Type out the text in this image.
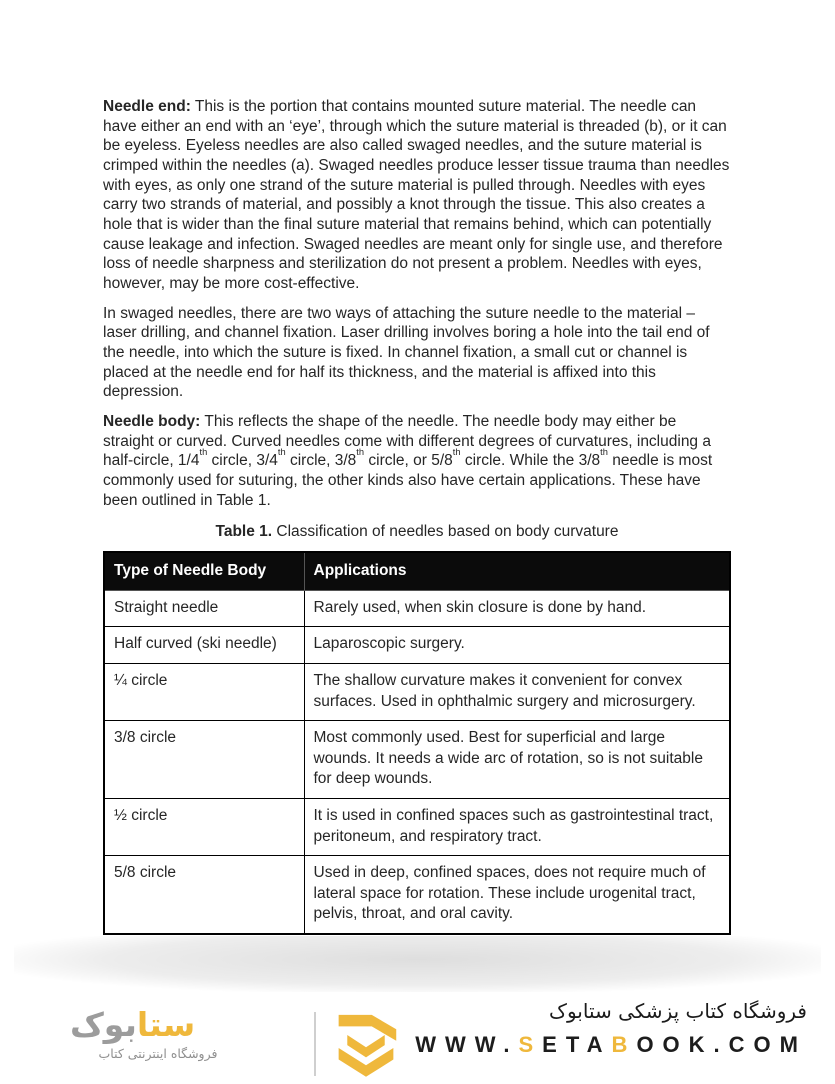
Needle end: This is the portion that contains mounted suture material. The needle can have either an end with an ‘eye’, through which the suture material is threaded (b), or it can be eyeless. Eyeless needles are also called swaged needles, and the suture material is crimped within the needles (a). Swaged needles produce lesser tissue trauma than needles with eyes, as only one strand of the suture material is pulled through. Needles with eyes carry two strands of material, and possibly a knot through the tissue. This also creates a hole that is wider than the final suture material that remains behind, which can potentially cause leakage and infection. Swaged needles are meant only for single use, and therefore loss of needle sharpness and sterilization do not present a problem. Needles with eyes, however, may be more cost-effective.

In swaged needles, there are two ways of attaching the suture needle to the material – laser drilling, and channel fixation. Laser drilling involves boring a hole into the tail end of the needle, into which the suture is fixed. In channel fixation, a small cut or channel is placed at the needle end for half its thickness, and the material is affixed into this depression.

Needle body: This reflects the shape of the needle. The needle body may either be straight or curved. Curved needles come with different degrees of curvatures, including a half-circle, 1/4th circle, 3/4th circle, 3/8th circle, or 5/8th circle. While the 3/8th needle is most commonly used for suturing, the other kinds also have certain applications. These have been outlined in Table 1.

Table 1. Classification of needles based on body curvature
Type of Needle Body	Applications
Straight needle	Rarely used, when skin closure is done by hand.
Half curved (ski needle)	Laparoscopic surgery.
¼ circle	The shallow curvature makes it convenient for convex surfaces. Used in ophthalmic surgery and microsurgery.
3/8 circle	Most commonly used. Best for superficial and large wounds. It needs a wide arc of rotation, so is not suitable for deep wounds.
½ circle	It is used in confined spaces such as gastrointestinal tract, peritoneum, and respiratory tract.
5/8 circle	Used in deep, confined spaces, does not require much of lateral space for rotation. These include urogenital tract, pelvis, throat, and oral cavity.
ستابوک
فروشگاه اینترنتی کتاب
فروشگاه کتاب پزشکی ستابوک
WWW.SETABOOK.COM
